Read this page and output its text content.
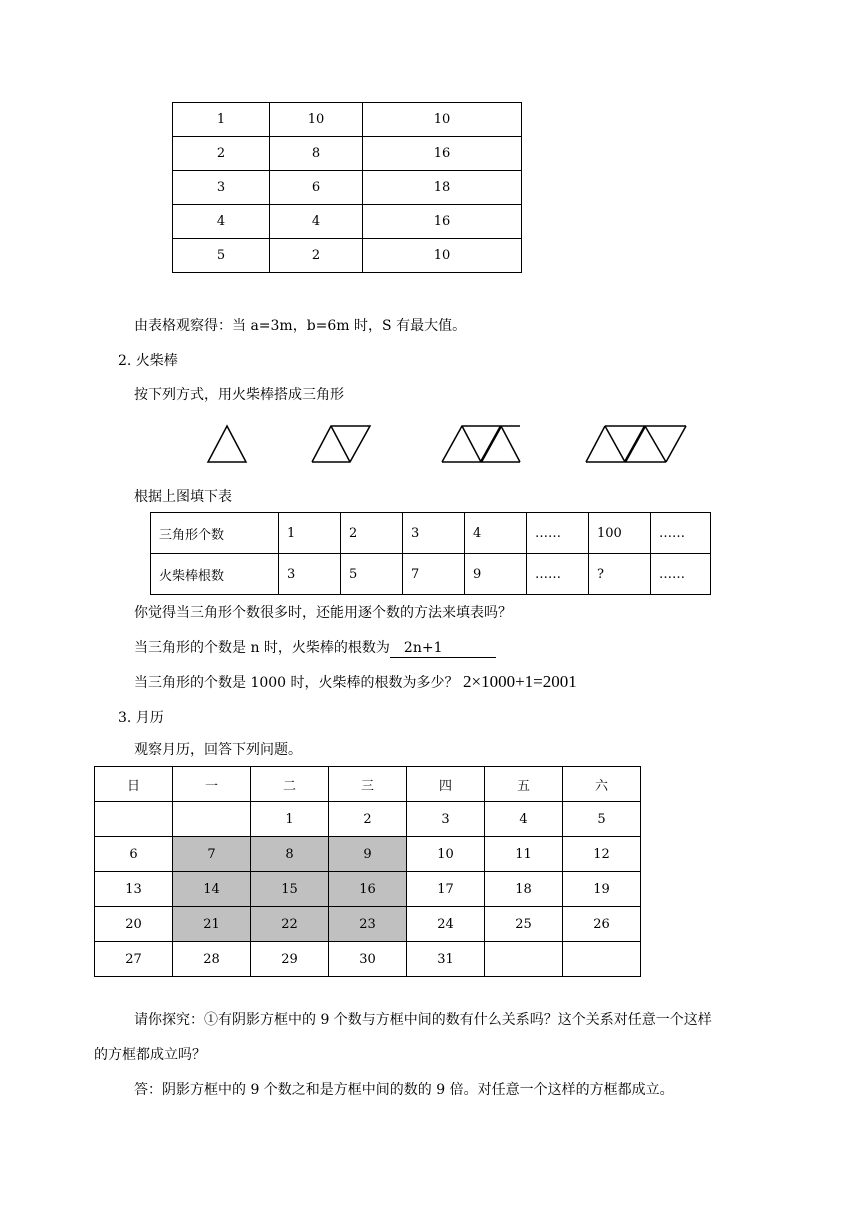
1	10	10
2	8	16
3	6	18
4	4	16
5	2	10
由表格观察得：当 a=3m，b=6m 时，S 有最大值。
2. 火柴棒
按下列方式，用火柴棒搭成三角形
根据上图填下表
三角形个数	1	2	3	4	……	100	……
火柴棒根数	3	5	7	9	……	?	……
你觉得当三角形个数很多时，还能用逐个数的方法来填表吗？
当三角形的个数是 n 时，火柴棒的根数为 2n+1
当三角形的个数是 1000 时，火柴棒的根数为多少？ 2×1000+1=2001
3. 月历
观察月历，回答下列问题。
日	一	二	三	四	五	六
		1	2	3	4	5
6	7	8	9	10	11	12
13	14	15	16	17	18	19
20	21	22	23	24	25	26
27	28	29	30	31		
请你探究：①有阴影方框中的 9 个数与方框中间的数有什么关系吗？这个关系对任意一个这样
的方框都成立吗？
答：阴影方框中的 9 个数之和是方框中间的数的 9 倍。对任意一个这样的方框都成立。
